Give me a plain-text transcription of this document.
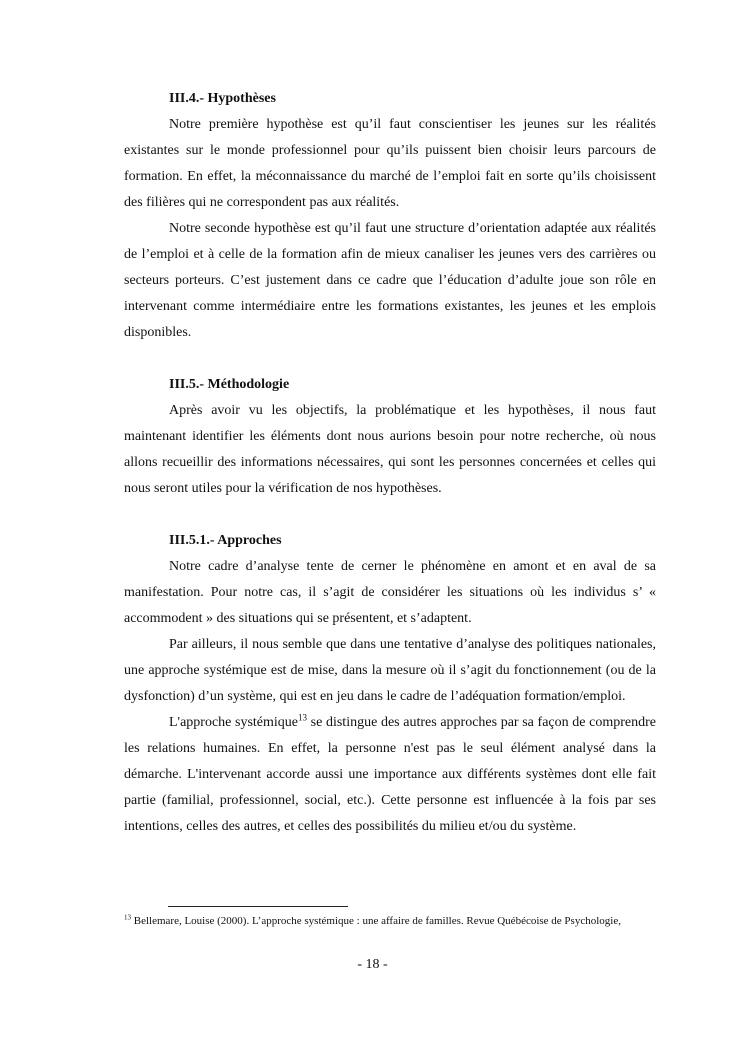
III.4.- Hypothèses

Notre première hypothèse est qu’il faut conscientiser les jeunes sur les réalités existantes sur le monde professionnel pour qu’ils puissent bien choisir leurs parcours de formation. En effet, la méconnaissance du marché de l’emploi fait en sorte qu’ils choisissent des filières qui ne correspondent pas aux réalités.

Notre seconde hypothèse est qu’il faut une structure d’orientation adaptée aux réalités de l’emploi et à celle de la formation afin de mieux canaliser les jeunes vers des carrières ou secteurs porteurs. C’est justement dans ce cadre que l’éducation d’adulte joue son rôle en intervenant comme intermédiaire entre les formations existantes, les jeunes et les emplois disponibles.

III.5.- Méthodologie

Après avoir vu les objectifs, la problématique et les hypothèses, il nous faut maintenant identifier les éléments dont nous aurions besoin pour notre recherche, où nous allons recueillir des informations nécessaires, qui sont les personnes concernées et celles qui nous seront utiles pour la vérification de nos hypothèses.

III.5.1.- Approches

Notre cadre d’analyse tente de cerner le phénomène en amont et en aval de sa manifestation. Pour notre cas, il s’agit de considérer les situations où les individus s’ « accommodent » des situations qui se présentent, et s’adaptent.

Par ailleurs, il nous semble que dans une tentative d’analyse des politiques nationales, une approche systémique est de mise, dans la mesure où il s’agit du fonctionnement (ou de la dysfonction) d’un système, qui est en jeu dans le cadre de l’adéquation formation/emploi.

L'approche systémique$^{13}$ se distingue des autres approches par sa façon de comprendre les relations humaines. En effet, la personne n'est pas le seul élément analysé dans la démarche. L'intervenant accorde aussi une importance aux différents systèmes dont elle fait partie (familial, professionnel, social, etc.). Cette personne est influencée à la fois par ses intentions, celles des autres, et celles des possibilités du milieu et/ou du système.

$^{13}$ Bellemare, Louise (2000). L’approche systémique : une affaire de familles. Revue Québécoise de Psychologie,

- 18 -
